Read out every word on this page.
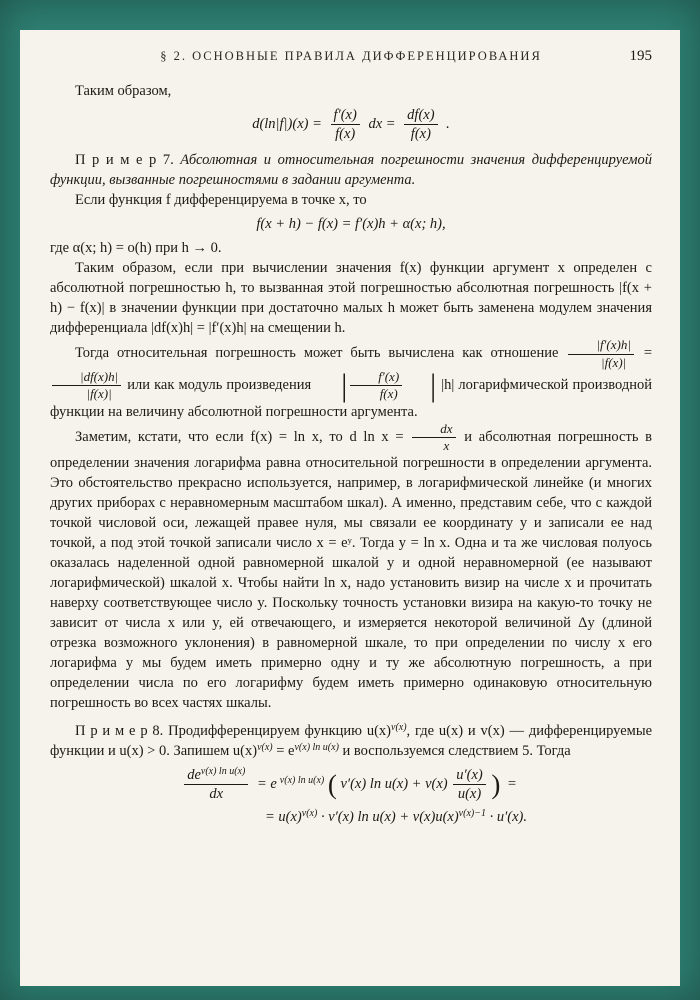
§ 2. ОСНОВНЫЕ ПРАВИЛА ДИФФЕРЕНЦИРОВАНИЯ	195

Таким образом,

$d(\ln|f|)(x) = \frac{f'(x)}{f(x)}$ dx = $\frac{df(x)}{f(x)}$ .

П р и м е р 7. Абсолютная и относительная погрешности значения дифференцируемой функции, вызванные погрешностями в задании аргумента.

Если функция f дифференцируема в точке x, то

f(x + h) − f(x) = f′(x)h + α(x; h),

где α(x; h) = o(h) при h → 0.

Таким образом, если при вычислении значения f(x) функции аргумент x определен с абсолютной погрешностью h, то вызванная этой погрешностью абсолютная погрешность |f(x + h) − f(x)| в значении функции при достаточно малых h может быть заменена модулем значения дифференциала |df(x)h| = |f′(x)h| на смещении h.

Тогда относительная погрешность может быть вычислена как отношение $\frac{|f'(x)h|}{|f(x)|}$ =
$\frac{|df(x)h|}{|f(x)|}$ или как модуль произведения | $\frac{f'(x)}{f(x)}$ | |h| логарифмической производной функции на величину абсолютной погрешности аргумента.

Заметим, кстати, что если f(x) = ln x, то d $\ln x = \frac{dx}{x}$ и абсолютная погрешность в определении значения логарифма равна относительной погрешности в определении аргумента. Это обстоятельство прекрасно используется, например, в логарифмической линейке (и многих других приборах с неравномерным масштабом шкал). А именно, представим себе, что с каждой точкой числовой оси, лежащей правее нуля, мы связали ее координату y и записали ее над точкой, а под этой точкой записали число x = eʸ. Тогда y = ln x. Одна и та же числовая полуось оказалась наделенной одной равномерной шкалой y и одной неравномерной (ее называют логарифмической) шкалой x. Чтобы найти ln x, надо установить визир на числе x и прочитать наверху соответствующее число y. Поскольку точность установки визира на какую-то точку не зависит от числа x или y, ей отвечающего, и измеряется некоторой величиной Δy (длиной отрезка возможного уклонения) в равномерной шкале, то при определении по числу x его логарифма y мы будем иметь примерно одну и ту же абсолютную погрешность, а при определении числа по его логарифму будем иметь примерно одинаковую относительную погрешность во всех частях шкалы.

П р и м е р 8. Продифференцируем функцию $u(x)^{v(x)}$, где u(x) и v(x) — дифференцируемые функции и u(x) > 0. Запишем $u(x)^{v(x)} = e^{v(x) ln u(x)}$ и воспользуемся следствием 5. Тогда

$\frac{de^{v(x) ln u(x)}}{dx} = e$ $^{v(x) ln u(x)}$ ( v′(x) $\ln u(x) + v(x) \frac{u'(x)}{u(x)}$ ) =
= $u(x)^{v(x)} \cdot v'(x)$ $\ln u(x) + v(x)u(x)^{v(x)-1} \cdot u'(x)$.
